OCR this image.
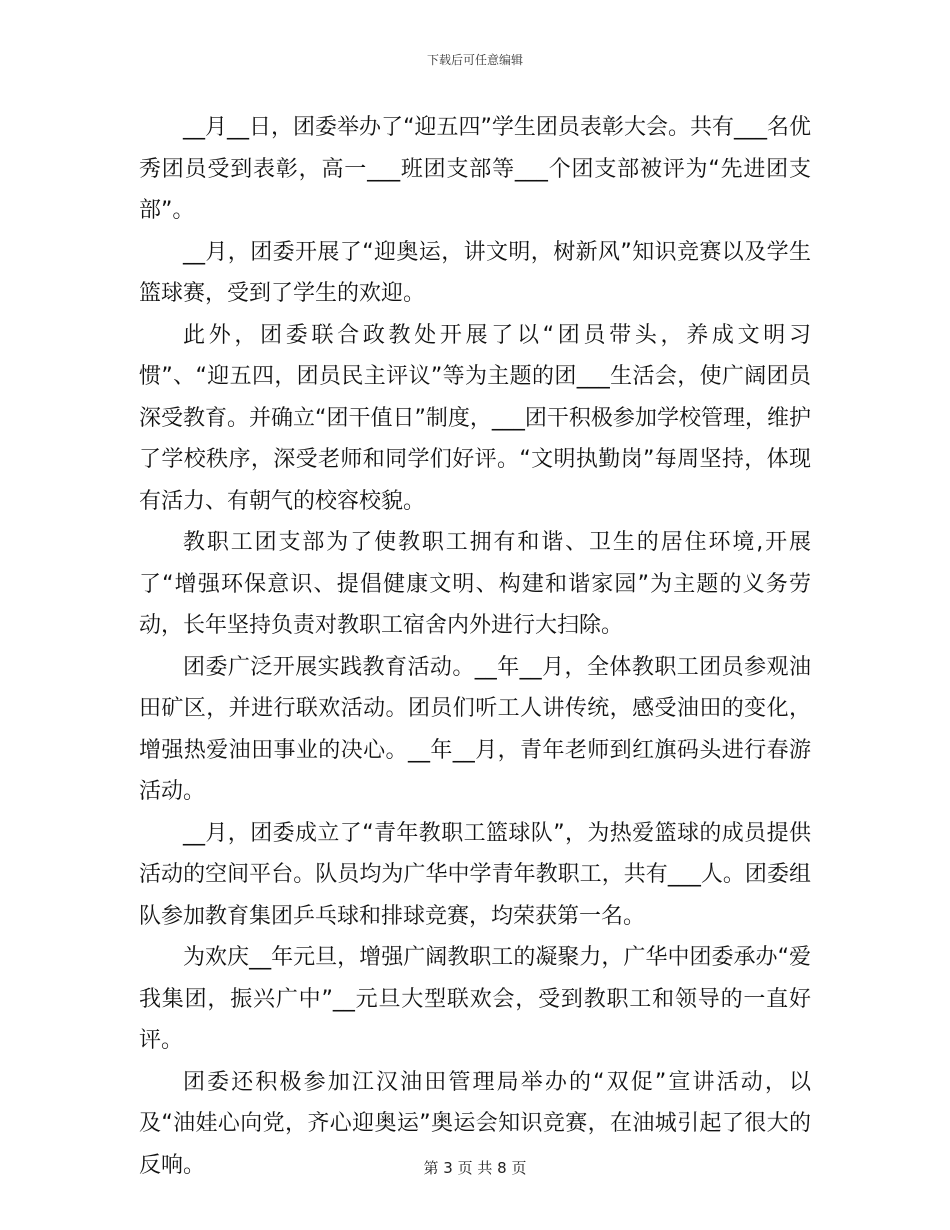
下载后可任意编辑

__月__日，团委举办了“迎五四”学生团员表彰大会。共有___名优秀团员受到表彰，高一___班团支部等___个团支部被评为“先进团支部”。

__月，团委开展了“迎奥运，讲文明，树新风”知识竞赛以及学生篮球赛，受到了学生的欢迎。

此外，团委联合政教处开展了以“团员带头，养成文明习惯”、“迎五四，团员民主评议”等为主题的团___生活会，使广阔团员深受教育。并确立“团干值日”制度，___团干积极参加学校管理，维护了学校秩序，深受老师和同学们好评。“文明执勤岗”每周坚持，体现有活力、有朝气的校容校貌。

教职工团支部为了使教职工拥有和谐、卫生的居住环境,开展了“增强环保意识、提倡健康文明、构建和谐家园”为主题的义务劳动，长年坚持负责对教职工宿舍内外进行大扫除。

团委广泛开展实践教育活动。__年__月，全体教职工团员参观油田矿区，并进行联欢活动。团员们听工人讲传统，感受油田的变化，增强热爱油田事业的决心。__年__月，青年老师到红旗码头进行春游活动。

__月，团委成立了“青年教职工篮球队”，为热爱篮球的成员提供活动的空间平台。队员均为广华中学青年教职工，共有___人。团委组队参加教育集团乒乓球和排球竞赛，均荣获第一名。

为欢庆__年元旦，增强广阔教职工的凝聚力，广华中团委承办“爱我集团，振兴广中”__元旦大型联欢会，受到教职工和领导的一直好评。

团委还积极参加江汉油田管理局举办的“双促”宣讲活动，以及“油娃心向党，齐心迎奥运”奥运会知识竞赛，在油城引起了很大的反响。	第 3 页 共 8 页
